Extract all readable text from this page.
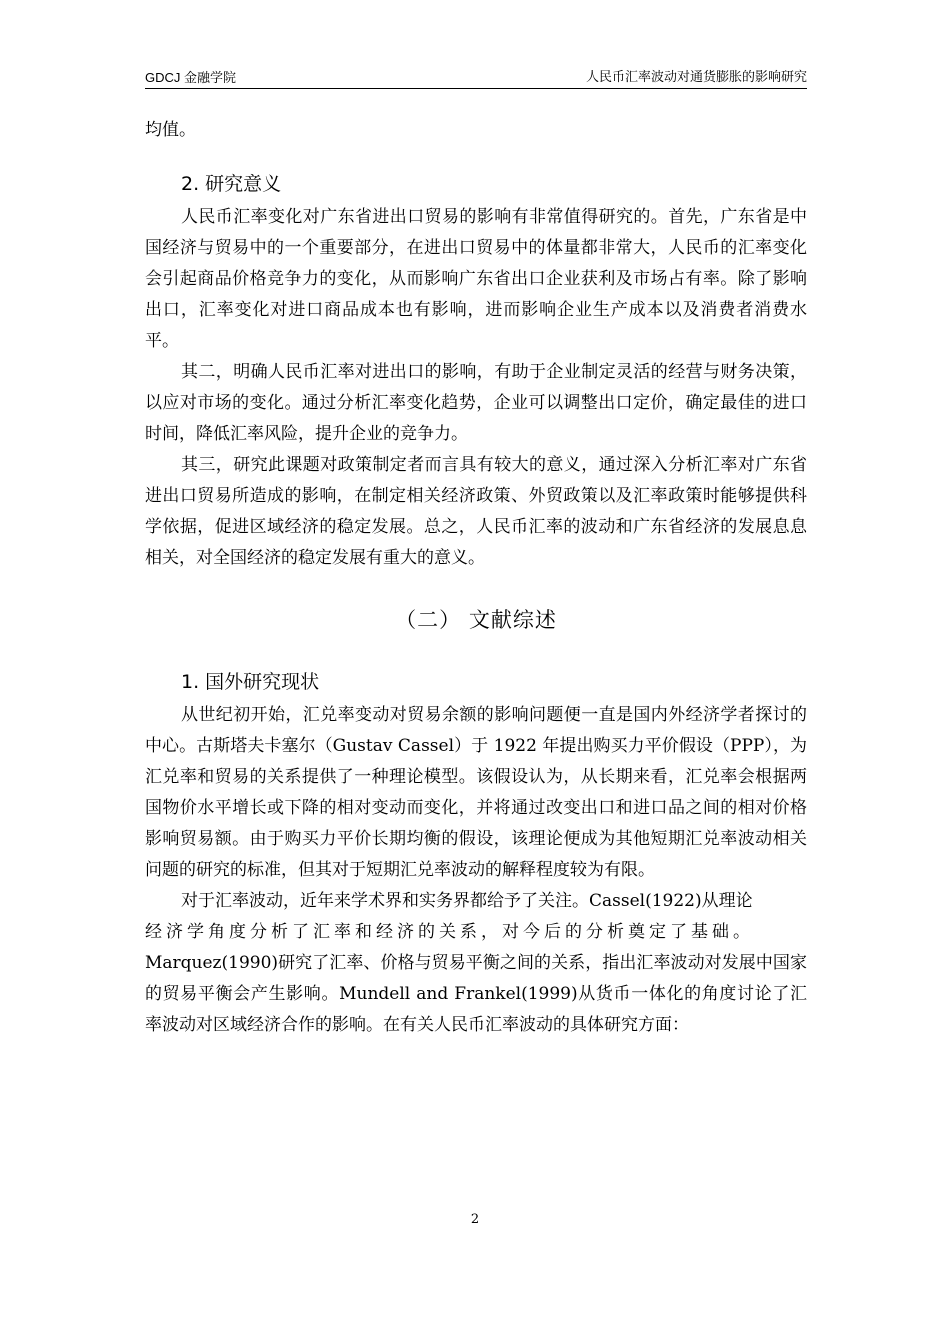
GDCJ 金融学院	人民币汇率波动对通货膨胀的影响研究

均值。

2. 研究意义

人民币汇率变化对广东省进出口贸易的影响有非常值得研究的。首先，广东省是中国经济与贸易中的一个重要部分，在进出口贸易中的体量都非常大，人民币的汇率变化会引起商品价格竞争力的变化，从而影响广东省出口企业获利及市场占有率。除了影响出口，汇率变化对进口商品成本也有影响，进而影响企业生产成本以及消费者消费水平。

其二，明确人民币汇率对进出口的影响，有助于企业制定灵活的经营与财务决策，以应对市场的变化。通过分析汇率变化趋势，企业可以调整出口定价，确定最佳的进口时间，降低汇率风险，提升企业的竞争力。

其三，研究此课题对政策制定者而言具有较大的意义，通过深入分析汇率对广东省进出口贸易所造成的影响，在制定相关经济政策、外贸政策以及汇率政策时能够提供科学依据，促进区域经济的稳定发展。总之，人民币汇率的波动和广东省经济的发展息息相关，对全国经济的稳定发展有重大的意义。

（二） 文献综述
1. 国外研究现状

从世纪初开始，汇兑率变动对贸易余额的影响问题便一直是国内外经济学者探讨的中心。古斯塔夫卡塞尔（Gustav Cassel）于 1922 年提出购买力平价假设（PPP），为汇兑率和贸易的关系提供了一种理论模型。该假设认为，从长期来看，汇兑率会根据两国物价水平增长或下降的相对变动而变化，并将通过改变出口和进口品之间的相对价格影响贸易额。由于购买力平价长期均衡的假设，该理论便成为其他短期汇兑率波动相关问题的研究的标准，但其对于短期汇兑率波动的解释程度较为有限。

对于汇率波动，近年来学术界和实务界都给予了关注。Cassel(1922)从理论

经济学角度分析了汇率和经济的关系，对今后的分析奠定了基础。

Marquez(1990)研究了汇率、价格与贸易平衡之间的关系，指出汇率波动对发展中国家的贸易平衡会产生影响。Mundell and Frankel(1999)从货币一体化的角度讨论了汇率波动对区域经济合作的影响。在有关人民币汇率波动的具体研究方面：

2
